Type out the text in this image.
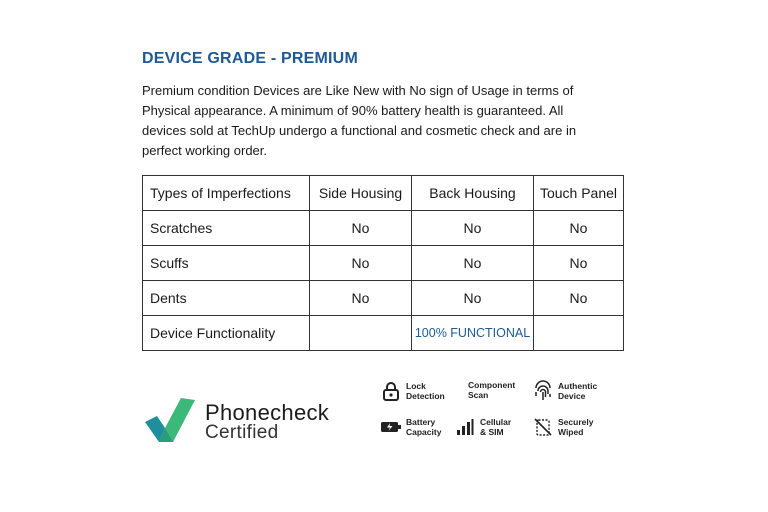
DEVICE GRADE - PREMIUM
Premium condition Devices are Like New with No sign of Usage in terms of Physical appearance. A minimum of 90% battery health is guaranteed. All devices sold at TechUp undergo a functional and cosmetic check and are in perfect working order.
Types of Imperfections	Side Housing	Back Housing	Touch Panel
Scratches	No	No	No
Scuffs	No	No	No
Dents	No	No	No
Device Functionality		100% FUNCTIONAL	
Phonecheck
Certified
Lock
Detection
Component
Scan
Authentic
Device
Battery
Capacity
Cellular
& SIM
Securely
Wiped
